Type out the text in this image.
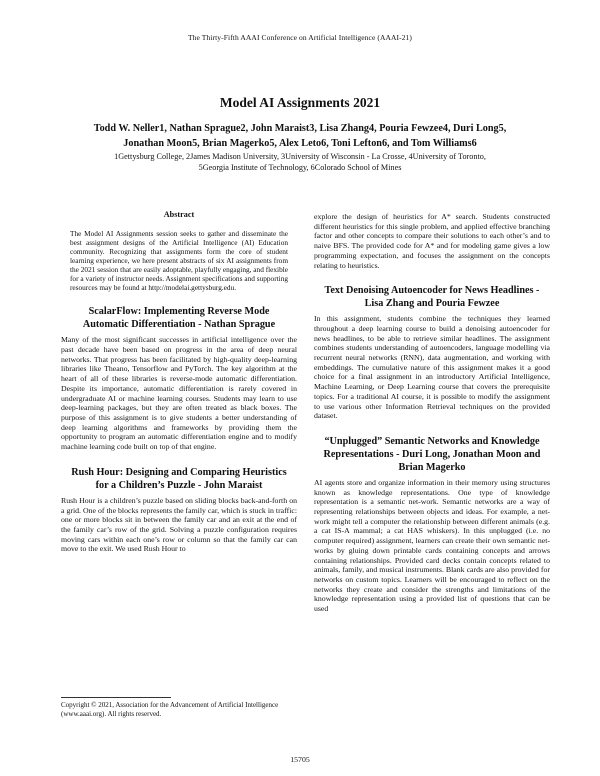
The Thirty-Fifth AAAI Conference on Artificial Intelligence (AAAI-21)
Model AI Assignments 2021
Todd W. Neller1, Nathan Sprague2, John Maraist3, Lisa Zhang4, Pouria Fewzee4, Duri Long5,
Jonathan Moon5, Brian Magerko5, Alex Leto6, Toni Lefton6, and Tom Williams6
1Gettysburg College, 2James Madison University, 3University of Wisconsin - La Crosse, 4University of Toronto,
5Georgia Institute of Technology, 6Colorado School of Mines
Abstract
The Model AI Assignments session seeks to gather and disseminate the best assignment designs of the Artificial Intelligence (AI) Education community. Recognizing that assignments form the core of student learning experience, we here present abstracts of six AI assignments from the 2021 session that are easily adoptable, playfully engaging, and flexible for a variety of instructor needs. Assignment specifications and supporting resources may be found at http://modelai.gettysburg.edu.
ScalarFlow: Implementing Reverse Mode Automatic Differentiation - Nathan Sprague

Many of the most significant successes in artificial intelligence over the past decade have been based on progress in the area of deep neural networks. That progress has been facilitated by high-quality deep-learning libraries like Theano, Tensorflow and PyTorch. The key algorithm at the heart of all of these libraries is reverse-mode automatic differentiation. Despite its importance, automatic differentiation is rarely covered in undergraduate AI or machine learning courses. Students may learn to use deep-learning packages, but they are often treated as black boxes. The purpose of this assignment is to give students a better understanding of deep learning algorithms and frameworks by providing them the opportunity to program an automatic differentiation engine and to modify machine learning code built on top of that engine.

Rush Hour: Designing and Comparing Heuristics for a Children’s Puzzle - John Maraist

Rush Hour is a children’s puzzle based on sliding blocks back-and-forth on a grid. One of the blocks represents the family car, which is stuck in traffic: one or more blocks sit in between the family car and an exit at the end of the family car’s row of the grid. Solving a puzzle configuration requires moving cars within each one’s row or column so that the family car can move to the exit. We used Rush Hour to

Copyright © 2021, Association for the Advancement of Artificial Intelligence (www.aaai.org). All rights reserved.

explore the design of heuristics for A* search. Students constructed different heuristics for this single problem, and applied effective branching factor and other concepts to compare their solutions to each other’s and to naive BFS. The provided code for A* and for modeling game gives a low programming expectation, and focuses the assignment on the concepts relating to heuristics.

Text Denoising Autoencoder for News Headlines - Lisa Zhang and Pouria Fewzee

In this assignment, students combine the techniques they learned throughout a deep learning course to build a denoising autoencoder for news headlines, to be able to retrieve similar headlines. The assignment combines students understanding of autoencoders, language modelling via recurrent neural networks (RNN), data augmentation, and working with embeddings. The cumulative nature of this assignment makes it a good choice for a final assignment in an introductory Artificial Intelligence, Machine Learning, or Deep Learning course that covers the prerequisite topics. For a traditional AI course, it is possible to modify the assignment to use various other Information Retrieval techniques on the provided dataset.

“Unplugged” Semantic Networks and Knowledge Representations - Duri Long, Jonathan Moon and Brian Magerko

AI agents store and organize information in their memory using structures known as knowledge representations. One type of knowledge representation is a semantic net-work. Semantic networks are a way of representing relationships between objects and ideas. For example, a net-work might tell a computer the relationship between different animals (e.g. a cat IS-A mammal; a cat HAS whiskers). In this unplugged (i.e. no computer required) assignment, learners can create their own semantic net-works by gluing down printable cards containing concepts and arrows containing relationships. Provided card decks contain concepts related to animals, family, and musical instruments. Blank cards are also provided for networks on custom topics. Learners will be encouraged to reflect on the networks they create and consider the strengths and limitations of the knowledge representation using a provided list of questions that can be used

15705
